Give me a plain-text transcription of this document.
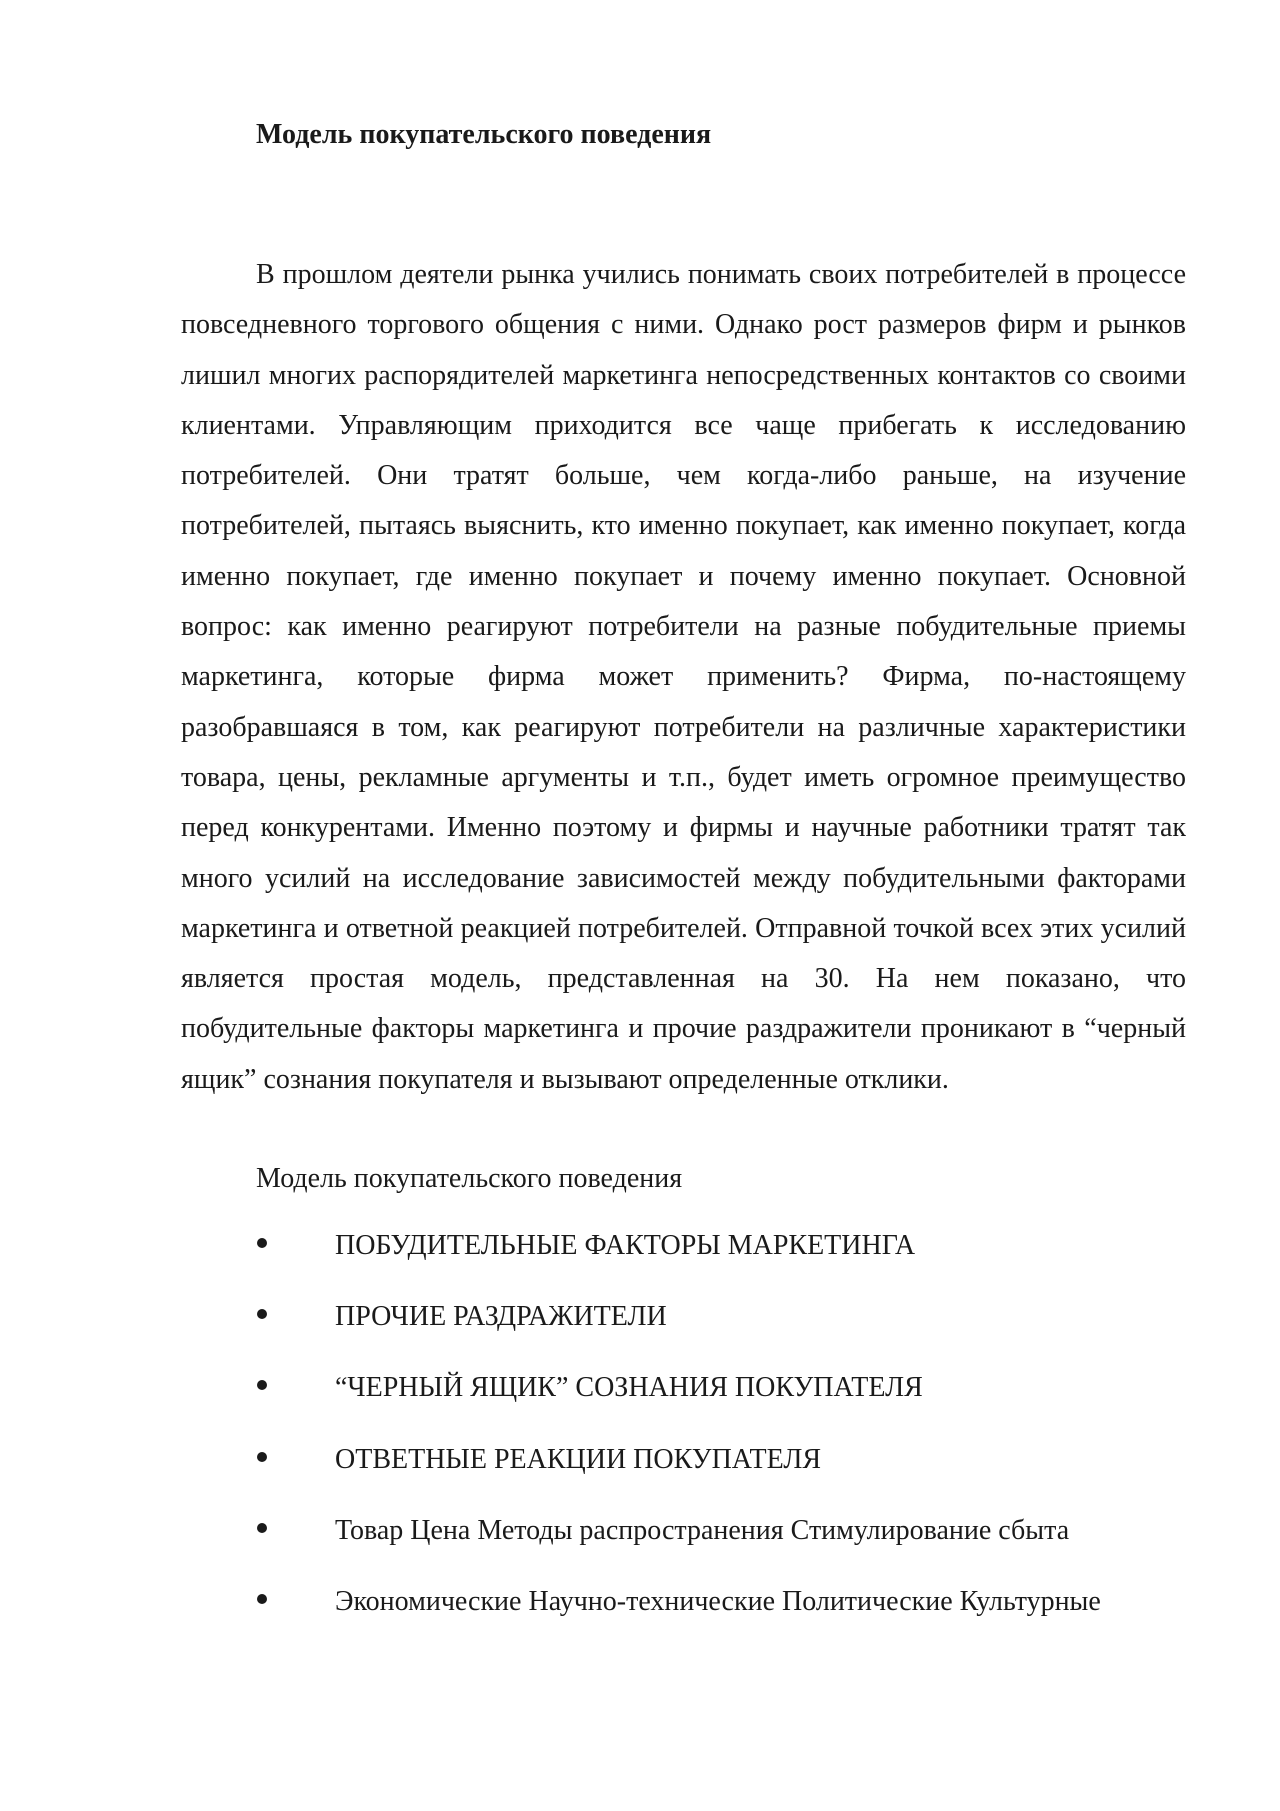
Модель покупательского поведения

В прошлом деятели рынка учились понимать своих потребителей в процессе повседневного торгового общения с ними. Однако рост размеров фирм и рынков лишил многих распорядителей маркетинга непосредственных контактов со своими клиентами. Управляющим приходится все чаще прибегать к исследованию потребителей. Они тратят больше, чем когда-либо раньше, на изучение потребителей, пытаясь выяснить, кто именно покупает, как именно покупает, когда именно покупает, где именно покупает и почему именно покупает. Основной вопрос: как именно реагируют потребители на разные побудительные приемы маркетинга, которые фирма может применить? Фирма, по-настоящему разобравшаяся в том, как реагируют потребители на различные характеристики товара, цены, рекламные аргументы и т.п., будет иметь огромное преимущество перед конкурентами. Именно поэтому и фирмы и научные работники тратят так много усилий на исследование зависимостей между побудительными факторами маркетинга и ответной реакцией потребителей. Отправной точкой всех этих усилий является простая модель, представленная на 30. На нем показано, что побудительные факторы маркетинга и прочие раздражители проникают в “черный ящик” сознания покупателя и вызывают определенные отклики.

Модель покупательского поведения

ПОБУДИТЕЛЬНЫЕ ФАКТОРЫ МАРКЕТИНГА
ПРОЧИЕ РАЗДРАЖИТЕЛИ
“ЧЕРНЫЙ ЯЩИК” СОЗНАНИЯ ПОКУПАТЕЛЯ
ОТВЕТНЫЕ РЕАКЦИИ ПОКУПАТЕЛЯ
Товар Цена Методы распространения Стимулирование сбыта
Экономические Научно-технические Политические Культурные
